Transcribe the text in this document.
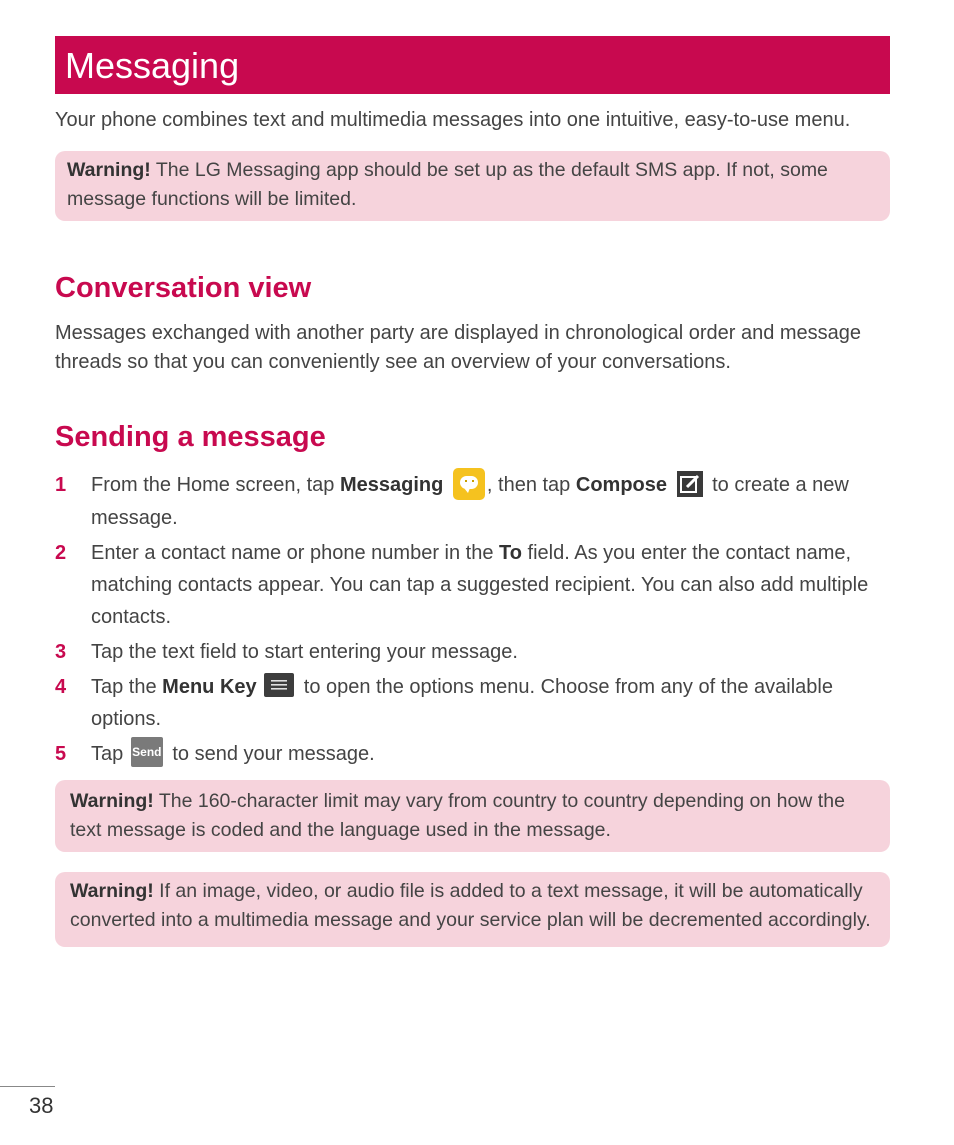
Messaging

Your phone combines text and multimedia messages into one intuitive, easy-to-use menu.

Warning! The LG Messaging app should be set up as the default SMS app. If not, some message functions will be limited.
Conversation view

Messages exchanged with another party are displayed in chronological order and message threads so that you can conveniently see an overview of your conversations.

Sending a message
1 From the Home screen, tap Messaging , then tap Compose
to create a new message.
2 Enter a contact name or phone number in the To field. As you enter the contact name, matching contacts appear. You can tap a suggested recipient. You can also add multiple contacts.
3 Tap the text field to start entering your message.
4 Tap the Menu Key
to open the options menu. Choose from any of the available options.
5 Tap Send to send your message.
Warning! The 160-character limit may vary from country to country depending on how the text message is coded and the language used in the message.
Warning! If an image, video, or audio file is added to a text message, it will be automatically converted into a multimedia message and your service plan will be decremented accordingly.
38
